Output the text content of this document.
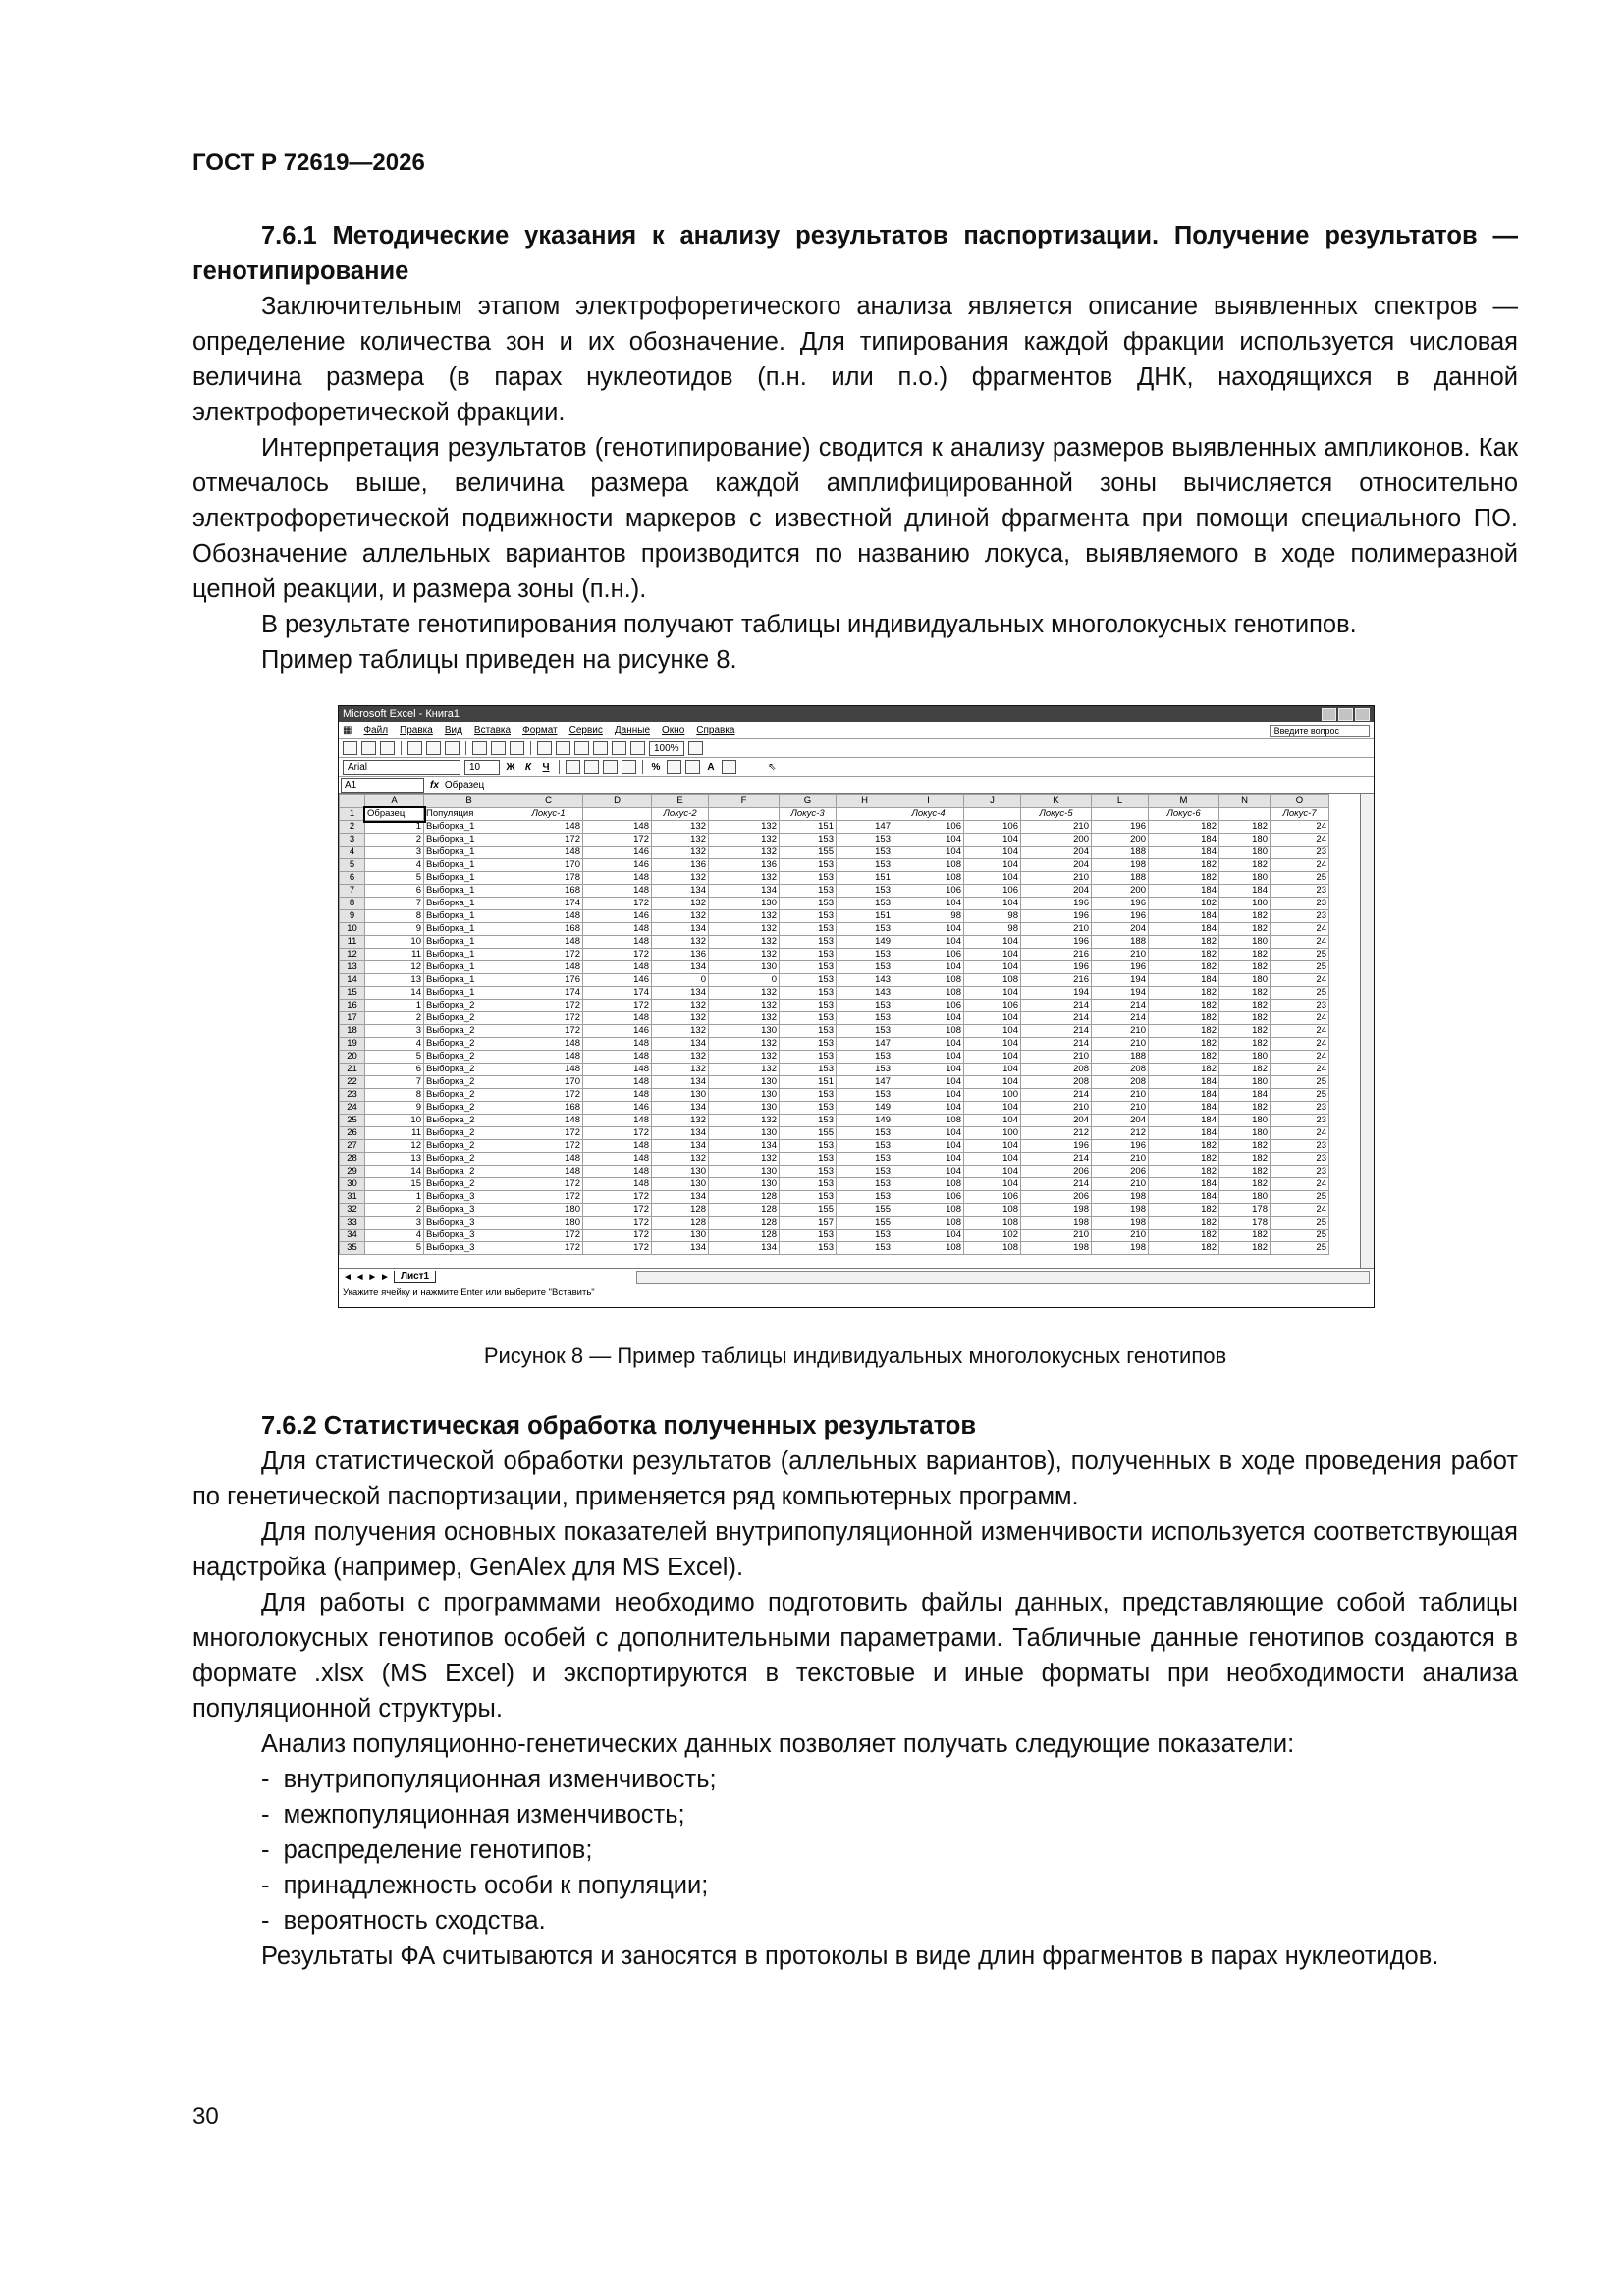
ГОСТ Р 72619—2026

7.6.1 Методические указания к анализу результатов паспортизации. Получение результатов — генотипирование

Заключительным этапом электрофоретического анализа является описание выявленных спектров — определение количества зон и их обозначение. Для типирования каждой фракции используется числовая величина размера (в парах нуклеотидов (п.н. или п.о.) фрагментов ДНК, находящихся в данной электрофоретической фракции.

Интерпретация результатов (генотипирование) сводится к анализу размеров выявленных ампликонов. Как отмечалось выше, величина размера каждой амплифицированной зоны вычисляется относительно электрофоретической подвижности маркеров с известной длиной фрагмента при помощи специального ПО. Обозначение аллельных вариантов производится по названию локуса, выявляемого в ходе полимеразной цепной реакции, и размера зоны (п.н.).

В результате генотипирования получают таблицы индивидуальных многолокусных генотипов.

Пример таблицы приведен на рисунке 8.

Microsoft Excel - Книга1
▦ Файл Правка Вид Вставка Формат Сервис Данные Окно Справка	Введите вопрос
100%
Arial	10	Ж	К	Ч	%	A	⇖
A1	fx Образец
	A	B	C	D	E	F	G	H	I	J	K	L	M	N	O
1	Образец	Популяция	Локус-1		Локус-2		Локус-3		Локус-4		Локус-5		Локус-6		Локус-7
2	1	Выборка_1	148	148	132	132	151	147	106	106	210	196	182	182	24
3	2	Выборка_1	172	172	132	132	153	153	104	104	200	200	184	180	24
4	3	Выборка_1	148	146	132	132	155	153	104	104	204	188	184	180	23
5	4	Выборка_1	170	146	136	136	153	153	108	104	204	198	182	182	24
6	5	Выборка_1	178	148	132	132	153	151	108	104	210	188	182	180	25
7	6	Выборка_1	168	148	134	134	153	153	106	106	204	200	184	184	23
8	7	Выборка_1	174	172	132	130	153	153	104	104	196	196	182	180	23
9	8	Выборка_1	148	146	132	132	153	151	98	98	196	196	184	182	23
10	9	Выборка_1	168	148	134	132	153	153	104	98	210	204	184	182	24
11	10	Выборка_1	148	148	132	132	153	149	104	104	196	188	182	180	24
12	11	Выборка_1	172	172	136	132	153	153	106	104	216	210	182	182	25
13	12	Выборка_1	148	148	134	130	153	153	104	104	196	196	182	182	25
14	13	Выборка_1	176	146	0	0	153	143	108	108	216	194	184	180	24
15	14	Выборка_1	174	174	134	132	153	143	108	104	194	194	182	182	25
16	1	Выборка_2	172	172	132	132	153	153	106	106	214	214	182	182	23
17	2	Выборка_2	172	148	132	132	153	153	104	104	214	214	182	182	24
18	3	Выборка_2	172	146	132	130	153	153	108	104	214	210	182	182	24
19	4	Выборка_2	148	148	134	132	153	147	104	104	214	210	182	182	24
20	5	Выборка_2	148	148	132	132	153	153	104	104	210	188	182	180	24
21	6	Выборка_2	148	148	132	132	153	153	104	104	208	208	182	182	24
22	7	Выборка_2	170	148	134	130	151	147	104	104	208	208	184	180	25
23	8	Выборка_2	172	148	130	130	153	153	104	100	214	210	184	184	25
24	9	Выборка_2	168	146	134	130	153	149	104	104	210	210	184	182	23
25	10	Выборка_2	148	148	132	132	153	149	108	104	204	204	184	180	23
26	11	Выборка_2	172	172	134	130	155	153	104	100	212	212	184	180	24
27	12	Выборка_2	172	148	134	134	153	153	104	104	196	196	182	182	23
28	13	Выборка_2	148	148	132	132	153	153	104	104	214	210	182	182	23
29	14	Выборка_2	148	148	130	130	153	153	104	104	206	206	182	182	23
30	15	Выборка_2	172	148	130	130	153	153	108	104	214	210	184	182	24
31	1	Выборка_3	172	172	134	128	153	153	106	106	206	198	184	180	25
32	2	Выборка_3	180	172	128	128	155	155	108	108	198	198	182	178	24
33	3	Выборка_3	180	172	128	128	157	155	108	108	198	198	182	178	25
34	4	Выборка_3	172	172	130	128	153	153	104	102	210	210	182	182	25
35	5	Выборка_3	172	172	134	134	153	153	108	108	198	198	182	182	25
◄ ◄ ► ►	Лист1
Укажите ячейку и нажмите Enter или выберите "Вставить"
Рисунок 8 — Пример таблицы индивидуальных многолокусных генотипов

7.6.2 Статистическая обработка полученных результатов

Для статистической обработки результатов (аллельных вариантов), полученных в ходе проведения работ по генетической паспортизации, применяется ряд компьютерных программ.

Для получения основных показателей внутрипопуляционной изменчивости используется соответствующая надстройка (например, GenAlex для MS Excel).

Для работы с программами необходимо подготовить файлы данных, представляющие собой таблицы многолокусных генотипов особей с дополнительными параметрами. Табличные данные генотипов создаются в формате .xlsx (MS Excel) и экспортируются в текстовые и иные форматы при необходимости анализа популяционной структуры.

Анализ популяционно-генетических данных позволяет получать следующие показатели:

-  внутрипопуляционная изменчивость;
-  межпопуляционная изменчивость;
-  распределение генотипов;
-  принадлежность особи к популяции;
-  вероятность сходства.

Результаты ФА считываются и заносятся в протоколы в виде длин фрагментов в парах нуклеотидов.

30
